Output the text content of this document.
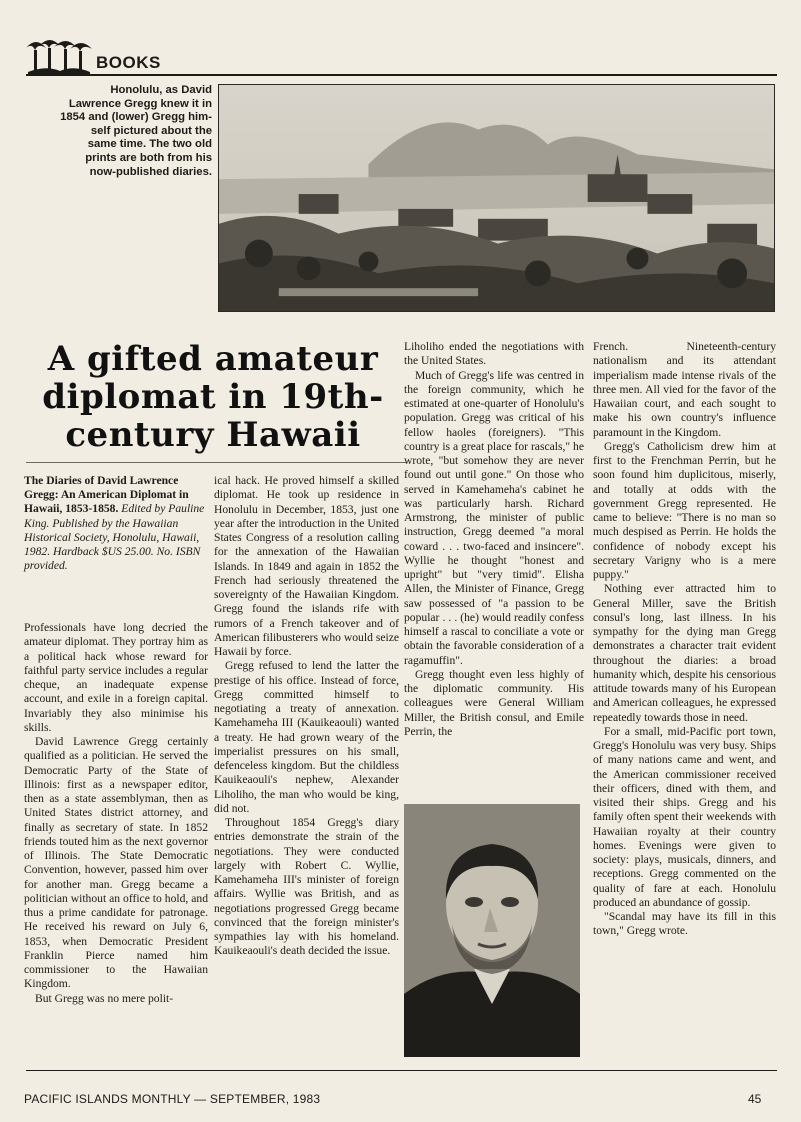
BOOKS
Honolulu, as David Lawrence Gregg knew it in 1854 and (lower) Gregg him-self pictured about the same time. The two old prints are both from his now-published diaries.
A gifted amateur diplomat in 19th-century Hawaii
The Diaries of David Lawrence Gregg: An American Diplomat in Hawaii, 1853-1858. Edited by Pauline King. Published by the Hawaiian Historical Society, Honolulu, Hawaii, 1982. Hardback $US 25.00. No. ISBN provided.

Professionals have long decried the amateur diplomat. They portray him as a political hack whose reward for faithful party service includes a regular cheque, an inadequate expense account, and exile in a foreign capital. Invariably they also minimise his skills.

David Lawrence Gregg certainly qualified as a politician. He served the Democratic Party of the State of Illinois: first as a newspaper editor, then as a state assemblyman, then as United States district attorney, and finally as secretary of state. In 1852 friends touted him as the next governor of Illinois. The State Democratic Convention, however, passed him over for another man. Gregg became a politician without an office to hold, and thus a prime candidate for patronage. He received his reward on July 6, 1853, when Democratic President Franklin Pierce named him commissioner to the Hawaiian Kingdom.

But Gregg was no mere polit-

ical hack. He proved himself a skilled diplomat. He took up residence in Honolulu in December, 1853, just one year after the introduction in the United States Congress of a resolution calling for the annexation of the Hawaiian Islands. In 1849 and again in 1852 the French had seriously threatened the sovereignty of the Hawaiian Kingdom. Gregg found the islands rife with rumors of a French takeover and of American filibusterers who would seize Hawaii by force.

Gregg refused to lend the latter the prestige of his office. Instead of force, Gregg committed himself to negotiating a treaty of annexation. Kamehameha III (Kauikeaouli) wanted a treaty. He had grown weary of the imperialist pressures on his small, defenceless kingdom. But the childless Kauikeaouli's nephew, Alexander Liholiho, the man who would be king, did not.

Throughout 1854 Gregg's diary entries demonstrate the strain of the negotiations. They were conducted largely with Robert C. Wyllie, Kamehameha III's minister of foreign affairs. Wyllie was British, and as negotiations progressed Gregg became convinced that the foreign minister's sympathies lay with his homeland. Kauikeaouli's death decided the issue.

Liholiho ended the negotiations with the United States.

Much of Gregg's life was centred in the foreign community, which he estimated at one-quarter of Honolulu's population. Gregg was critical of his fellow haoles (foreigners). "This country is a great place for rascals," he wrote, "but somehow they are never found out until gone." On those who served in Kamehameha's cabinet he was particularly harsh. Richard Armstrong, the minister of public instruction, Gregg deemed "a moral coward . . . two-faced and insincere". Wyllie he thought "honest and upright" but "very timid". Elisha Allen, the Minister of Finance, Gregg saw possessed of "a passion to be popular . . . (he) would readily confess himself a rascal to conciliate a vote or obtain the favorable consideration of a ragamuffin".

Gregg thought even less highly of the diplomatic community. His colleagues were General William Miller, the British consul, and Emile Perrin, the

French. Nineteenth-century nationalism and its attendant imperialism made intense rivals of the three men. All vied for the favor of the Hawaiian court, and each sought to make his own country's influence paramount in the Kingdom.

Gregg's Catholicism drew him at first to the Frenchman Perrin, but he soon found him duplicitous, miserly, and totally at odds with the government Gregg represented. He came to believe: "There is no man so much despised as Perrin. He holds the confidence of nobody except his secretary Varigny who is a mere puppy."

Nothing ever attracted him to General Miller, save the British consul's long, last illness. In his sympathy for the dying man Gregg demonstrates a character trait evident throughout the diaries: a broad humanity which, despite his censorious attitude towards many of his European and American colleagues, he expressed repeatedly towards those in need.

For a small, mid-Pacific port town, Gregg's Honolulu was very busy. Ships of many nations came and went, and the American commissioner received their officers, dined with them, and visited their ships. Gregg and his family often spent their weekends with Hawaiian royalty at their country homes. Evenings were given to society: plays, musicals, dinners, and receptions. Gregg commented on the quality of fare at each. Honolulu produced an abundance of gossip.

"Scandal may have its fill in this town," Gregg wrote.

PACIFIC ISLANDS MONTHLY — SEPTEMBER, 1983	45
